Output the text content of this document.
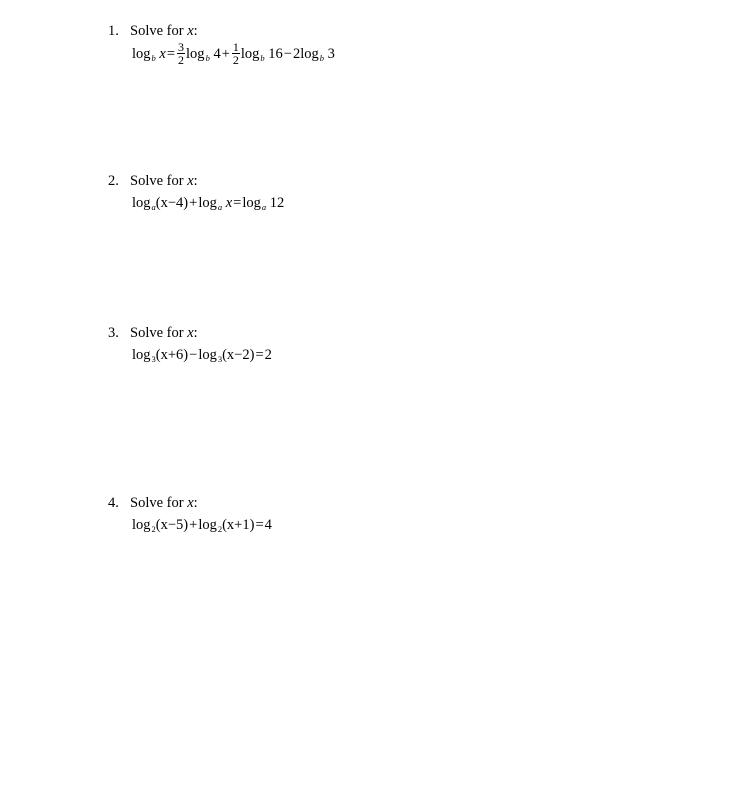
1. Solve for x:
$\log_b x= \frac{3}{2} \log_b 4+ \frac{1}{2} \log_b 16-2\log_b$ 3
2. Solve for x:
$\log_a(x-4)+\log_a$ $x=\log_a$ 12
3. Solve for x:
$\log_3(x+6)-\log_3(x-2)=2$
4. Solve for x:
$\log_2(x-5)+\log_2(x+1)=4$
